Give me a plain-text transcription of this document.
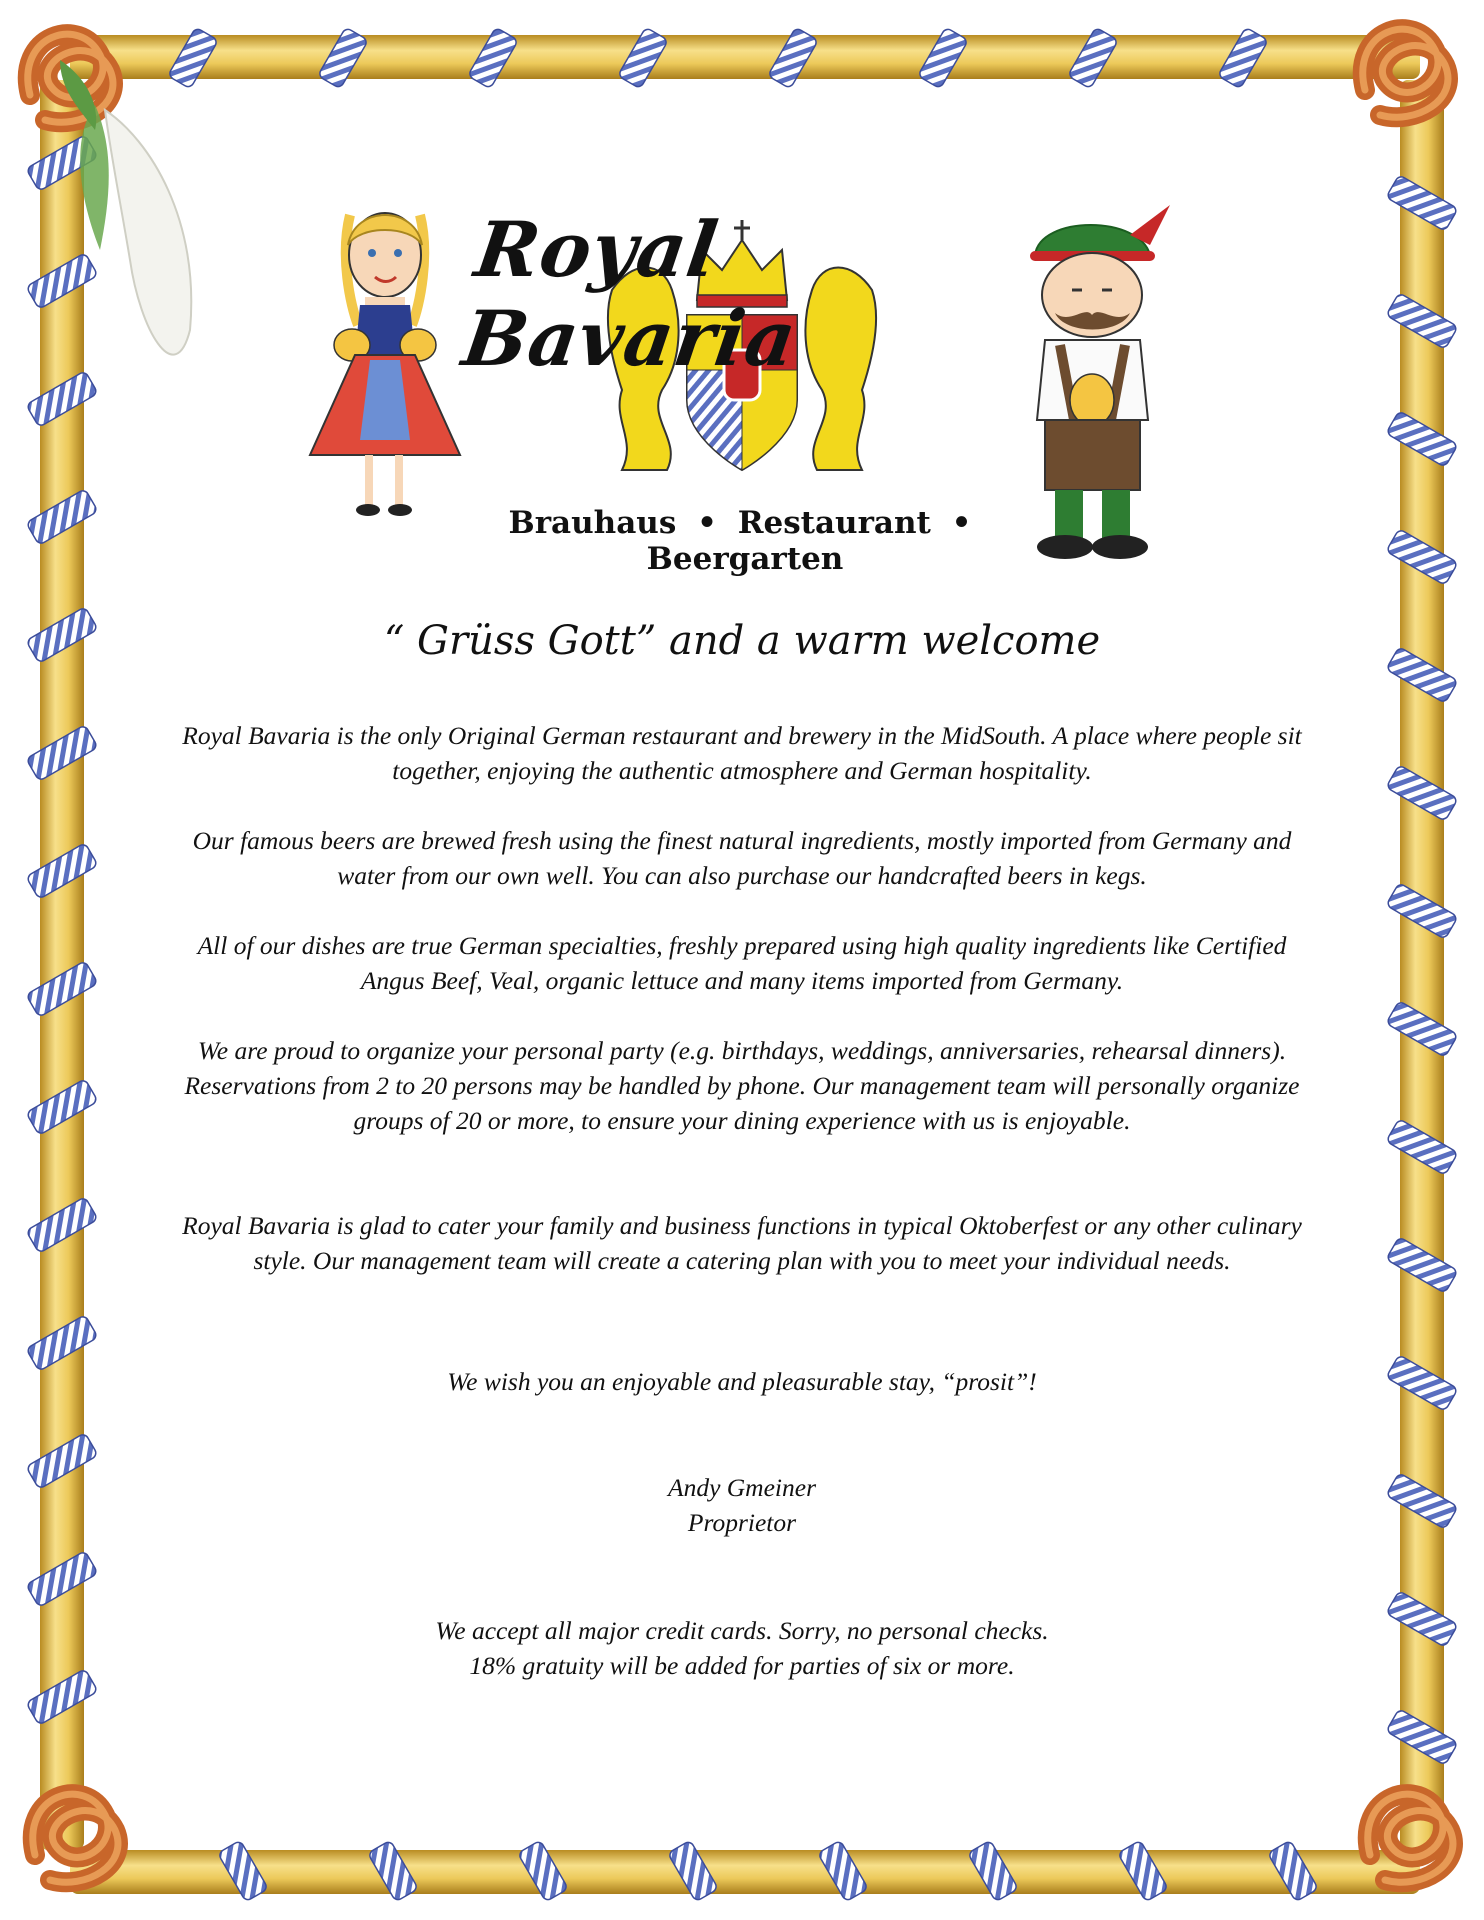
Royal Bavaria
Brauhaus • Restaurant • Beergarten
“ Grüss Gott” and a warm welcome

Royal Bavaria is the only Original German restaurant and brewery in the MidSouth. A place where people sit together, enjoying the authentic atmosphere and German hospitality.

Our famous beers are brewed fresh using the finest natural ingredients, mostly imported from Germany and water from our own well. You can also purchase our handcrafted beers in kegs.

All of our dishes are true German specialties, freshly prepared using high quality ingredients like Certified Angus Beef, Veal, organic lettuce and many items imported from Germany.

We are proud to organize your personal party (e.g. birthdays, weddings, anniversaries, rehearsal dinners). Reservations from 2 to 20 persons may be handled by phone. Our management team will personally organize groups of 20 or more, to ensure your dining experience with us is enjoyable.

Royal Bavaria is glad to cater your family and business functions in typical Oktoberfest or any other culinary style. Our management team will create a catering plan with you to meet your individual needs.

We wish you an enjoyable and pleasurable stay, “prosit”!

Andy Gmeiner
Proprietor
We accept all major credit cards. Sorry, no personal checks.
18% gratuity will be added for parties of six or more.
